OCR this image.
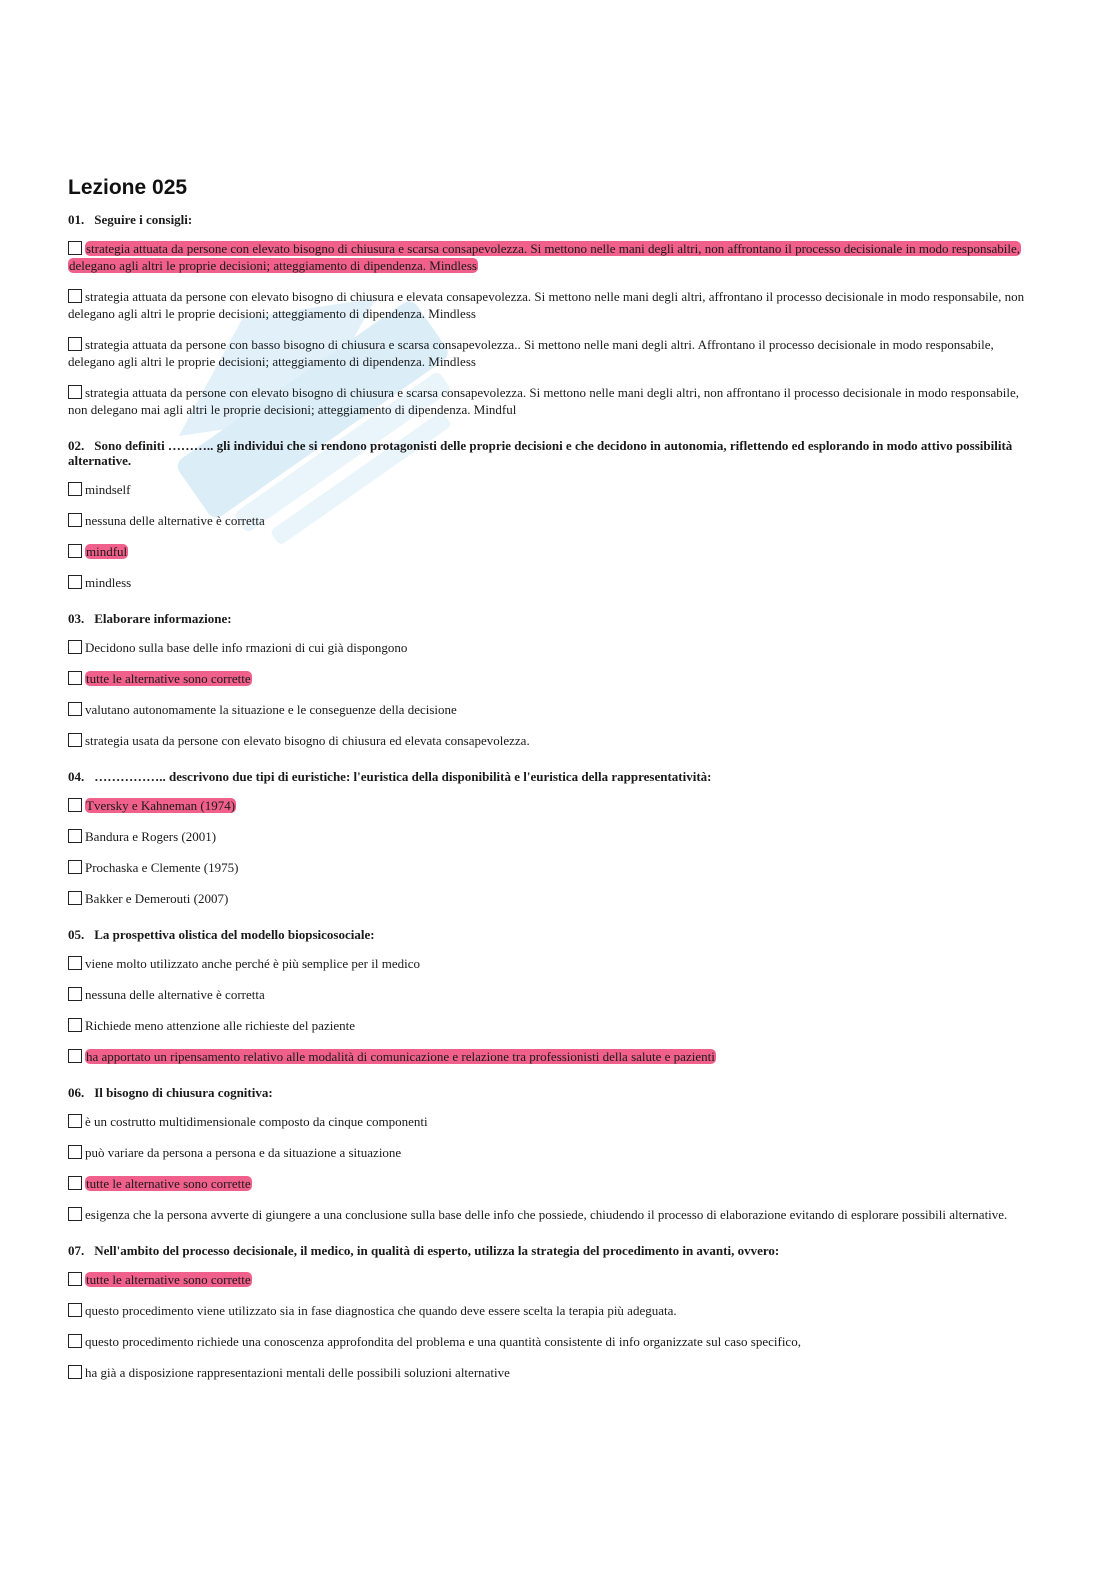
Lezione 025
01. Seguire i consigli:
strategia attuata da persone con elevato bisogno di chiusura e scarsa consapevolezza. Si mettono nelle mani degli altri, non affrontano il processo decisionale in modo responsabile, delegano agli altri le proprie decisioni; atteggiamento di dipendenza. Mindless
strategia attuata da persone con elevato bisogno di chiusura e elevata consapevolezza. Si mettono nelle mani degli altri, affrontano il processo decisionale in modo responsabile, non delegano agli altri le proprie decisioni; atteggiamento di dipendenza. Mindless
strategia attuata da persone con basso bisogno di chiusura e scarsa consapevolezza.. Si mettono nelle mani degli altri. Affrontano il processo decisionale in modo responsabile, delegano agli altri le proprie decisioni; atteggiamento di dipendenza. Mindless
strategia attuata da persone con elevato bisogno di chiusura e scarsa consapevolezza. Si mettono nelle mani degli altri, non affrontano il processo decisionale in modo responsabile, non delegano mai agli altri le proprie decisioni; atteggiamento di dipendenza. Mindful
02. Sono definiti ……….. gli individui che si rendono protagonisti delle proprie decisioni e che decidono in autonomia, riflettendo ed esplorando in modo attivo possibilità alternative.
mindself
nessuna delle alternative è corretta
mindful
mindless
03. Elaborare informazione:
Decidono sulla base delle info rmazioni di cui già dispongono
tutte le alternative sono corrette
valutano autonomamente la situazione e le conseguenze della decisione
strategia usata da persone con elevato bisogno di chiusura ed elevata consapevolezza.
04. …………….. descrivono due tipi di euristiche: l'euristica della disponibilità e l'euristica della rappresentatività:
Tversky e Kahneman (1974)
Bandura e Rogers (2001)
Prochaska e Clemente (1975)
Bakker e Demerouti (2007)
05. La prospettiva olistica del modello biopsicosociale:
viene molto utilizzato anche perché è più semplice per il medico
nessuna delle alternative è corretta
Richiede meno attenzione alle richieste del paziente
ha apportato un ripensamento relativo alle modalità di comunicazione e relazione tra professionisti della salute e pazienti
06. Il bisogno di chiusura cognitiva:
è un costrutto multidimensionale composto da cinque componenti
può variare da persona a persona e da situazione a situazione
tutte le alternative sono corrette
esigenza che la persona avverte di giungere a una conclusione sulla base delle info che possiede, chiudendo il processo di elaborazione evitando di esplorare possibili alternative.
07. Nell'ambito del processo decisionale, il medico, in qualità di esperto, utilizza la strategia del procedimento in avanti, ovvero:
tutte le alternative sono corrette
questo procedimento viene utilizzato sia in fase diagnostica che quando deve essere scelta la terapia più adeguata.
questo procedimento richiede una conoscenza approfondita del problema e una quantità consistente di info organizzate sul caso specifico,
ha già a disposizione rappresentazioni mentali delle possibili soluzioni alternative
